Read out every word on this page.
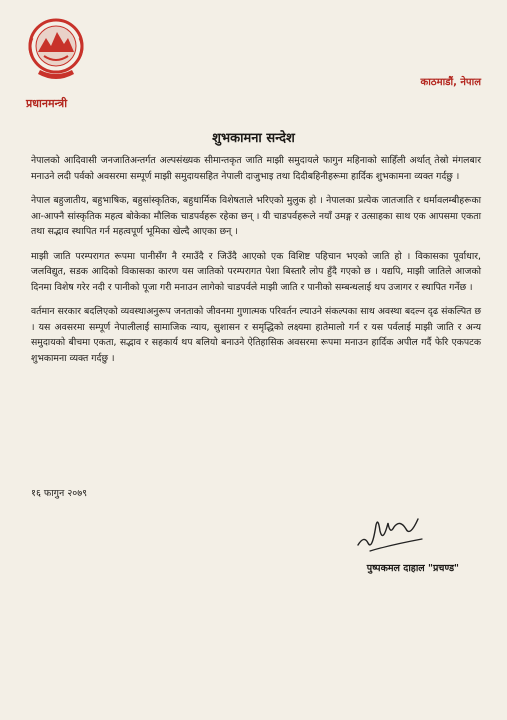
प्रधानमन्त्री
काठमाडौं, नेपाल
शुभकामना सन्देश

नेपालको आदिवासी जनजातिअन्तर्गत अल्पसंख्यक सीमान्तकृत जाति माझी समुदायले फागुन महिनाको साहिँली अर्थात् तेस्रो मंगलबार मनाउने लदी पर्वको अवसरमा सम्पूर्ण माझी समुदायसहित नेपाली दाजुभाइ तथा दिदीबहिनीहरूमा हार्दिक शुभकामना व्यक्त गर्दछु ।

नेपाल बहुजातीय, बहुभाषिक, बहुसांस्कृतिक, बहुधार्मिक विशेषताले भरिएको मुलुक हो । नेपालका प्रत्येक जातजाति र धर्मावलम्बीहरूका आ-आफ्नै सांस्कृतिक महत्व बोकेका मौलिक चाडपर्वहरू रहेका छन् । यी चाडपर्वहरूले नयाँ उमङ्ग र उत्साहका साथ एक आपसमा एकता तथा सद्भाव स्थापित गर्न महत्वपूर्ण भूमिका खेल्दै आएका छन् ।

माझी जाति परम्परागत रूपमा पानीसँग नै रमाउँदै र जिउँदै आएको एक विशिष्ट पहिचान भएको जाति हो । विकासका पूर्वाधार, जलविद्युत, सडक आदिको विकासका कारण यस जातिको परम्परागत पेशा बिस्तारै लोप हुँदै गएको छ । यद्यपि, माझी जातिले आजको दिनमा विशेष गरेर नदी र पानीको पूजा गरी मनाउन लागेको चाडपर्वले माझी जाति र पानीको सम्बन्धलाई थप उजागर र स्थापित गर्नेछ ।

वर्तमान सरकार बदलिएको व्यवस्थाअनुरूप जनताको जीवनमा गुणात्मक परिवर्तन ल्याउने संकल्पका साथ अवस्था बदल्न दृढ संकल्पित छ । यस अवसरमा सम्पूर्ण नेपालीलाई सामाजिक न्याय, सुशासन र समृद्धिको लक्ष्यमा हातेमालो गर्न र यस पर्वलाई माझी जाति र अन्य समुदायको बीचमा एकता, सद्भाव र सहकार्य थप बलियो बनाउने ऐतिहासिक अवसरमा रूपमा मनाउन हार्दिक अपील गर्दै फेरि एकपटक शुभकामना व्यक्त गर्दछु ।

१६ फागुन २०७९
पुष्पकमल दाहाल "प्रचण्ड"
